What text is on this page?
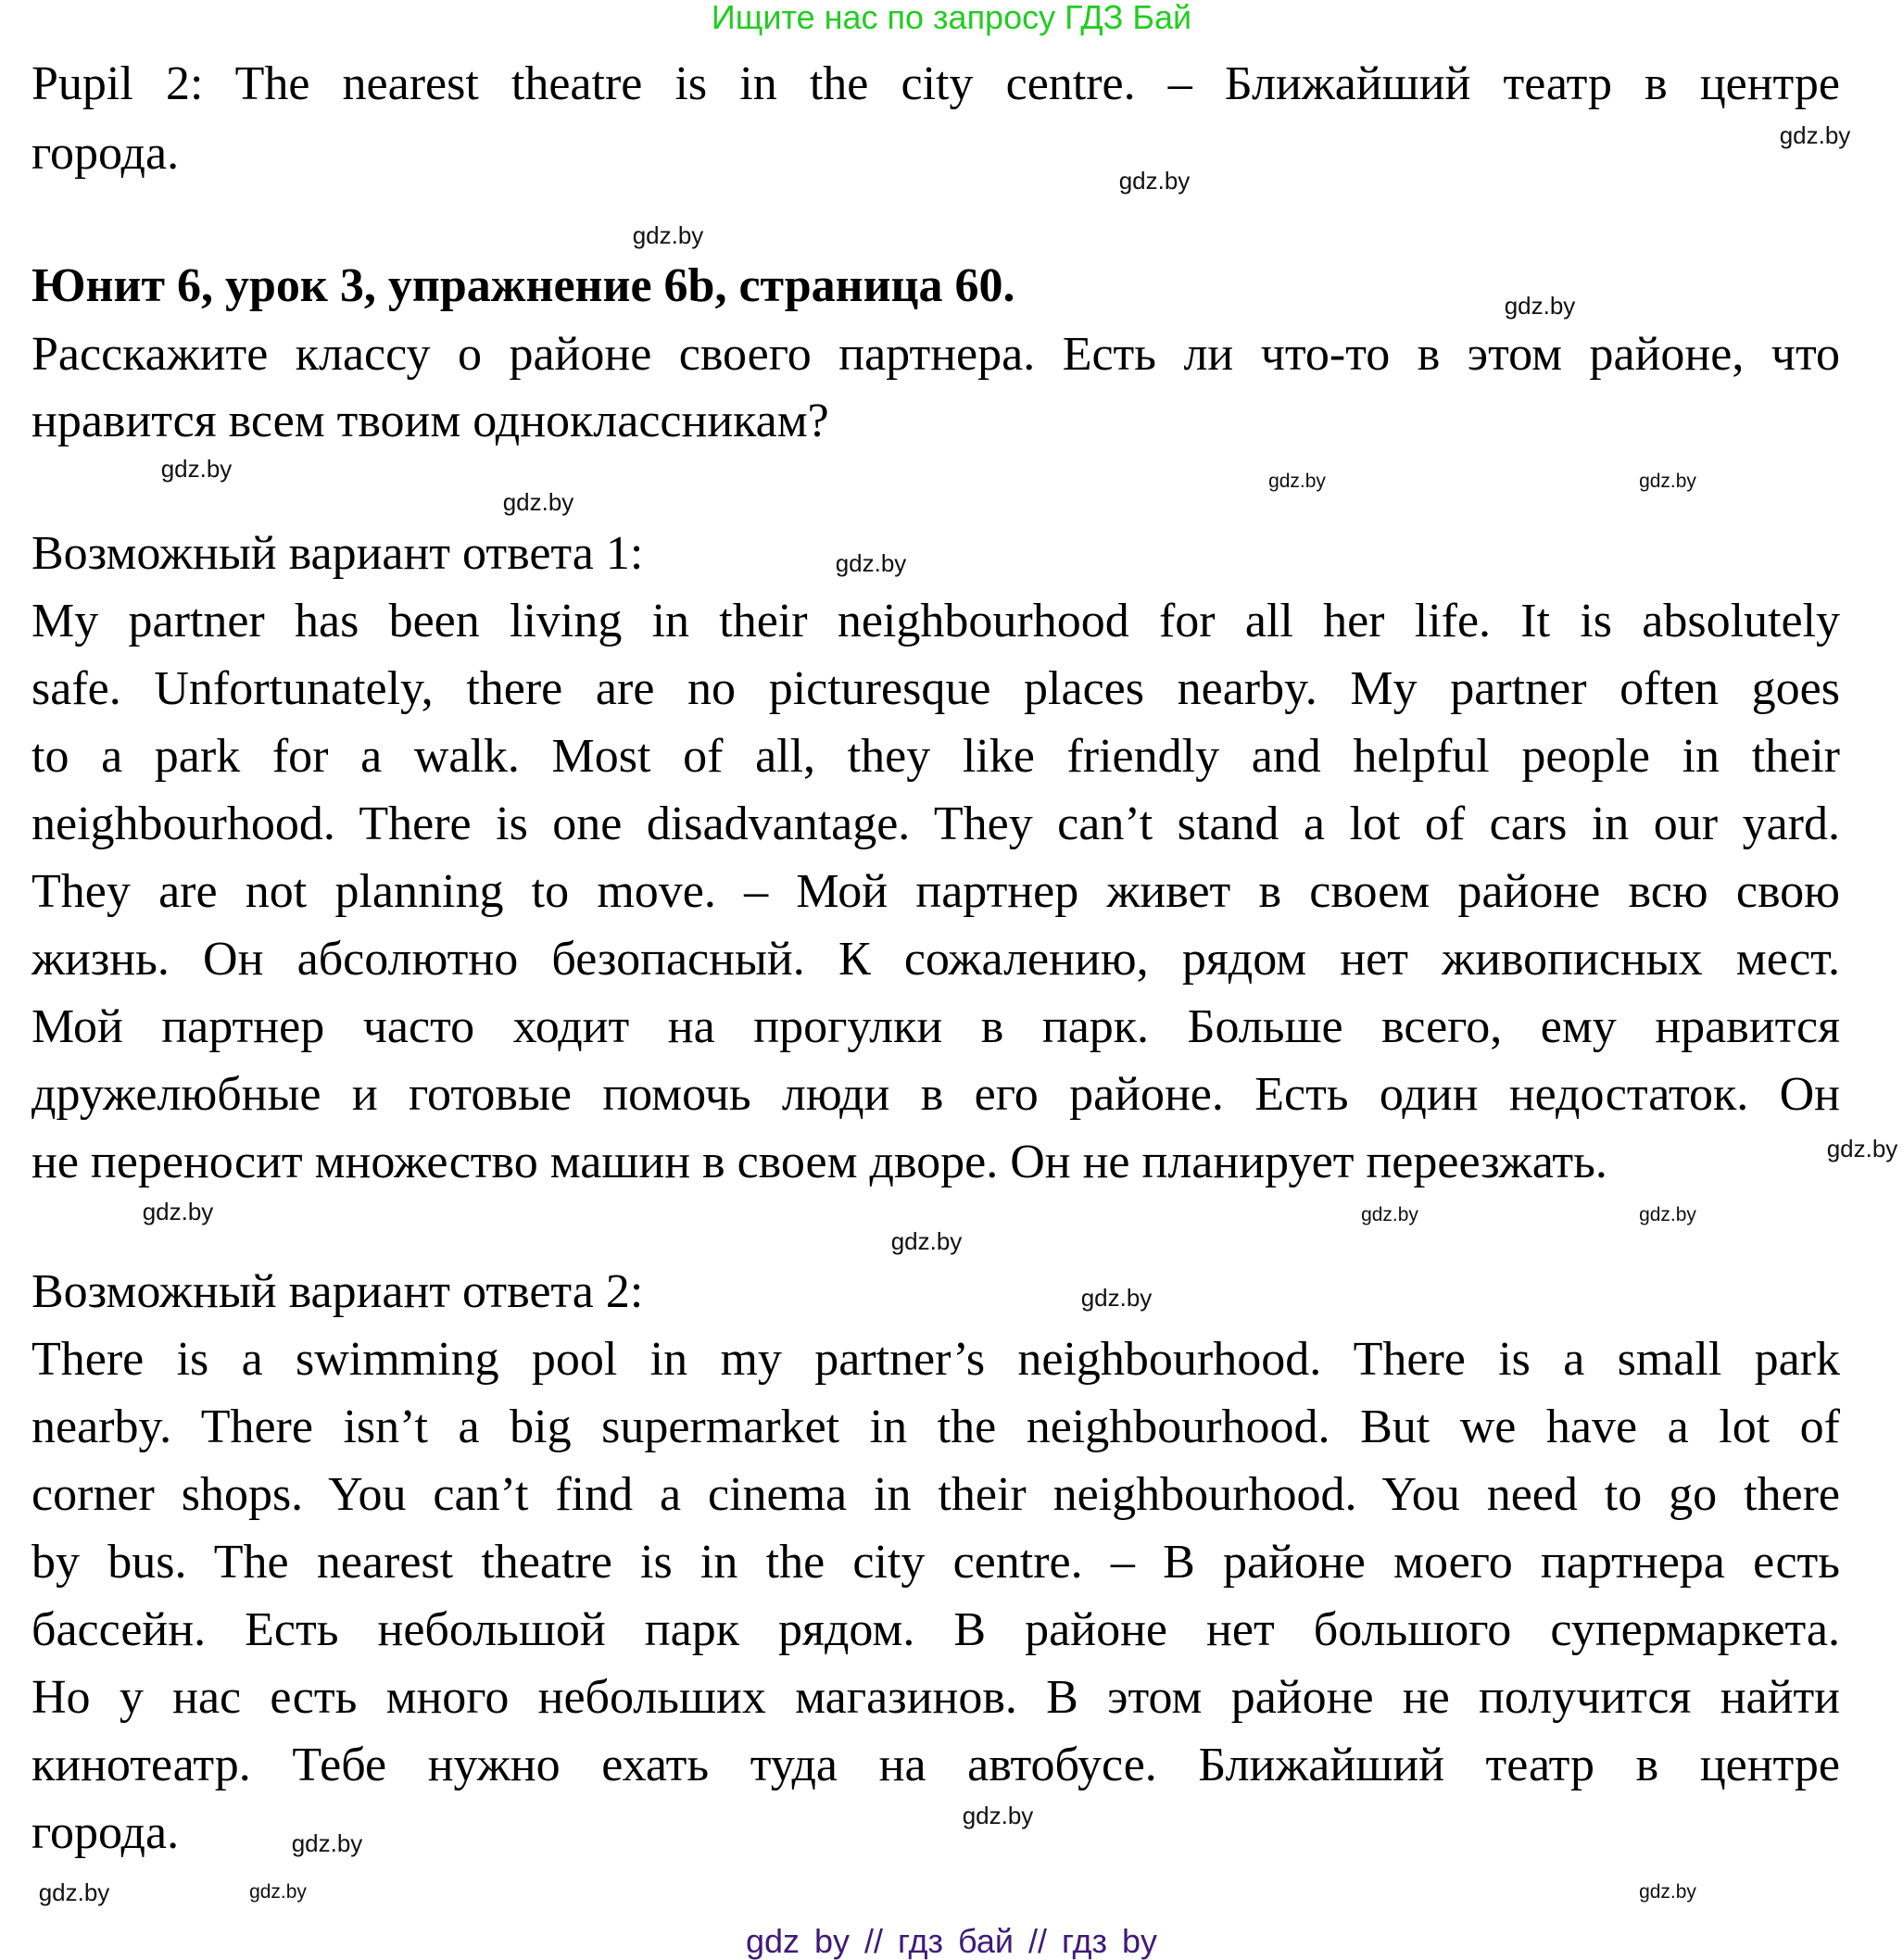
Ищите нас по запросу ГДЗ Бай
Pupil 2: The nearest theatre is in the city centre. – Ближайший театр в центре
города.
Юнит 6, урок 3, упражнение 6b, страница 60.
Расскажите классу о районе своего партнера. Есть ли что-то в этом районе, что
нравится всем твоим одноклассникам?
Возможный вариант ответа 1:
My partner has been living in their neighbourhood for all her life. It is absolutely
safe. Unfortunately, there are no picturesque places nearby. My partner often goes
to a park for a walk. Most of all, they like friendly and helpful people in their
neighbourhood. There is one disadvantage. They can’t stand a lot of cars in our yard.
They are not planning to move. – Мой партнер живет в своем районе всю свою
жизнь. Он абсолютно безопасный. К сожалению, рядом нет живописных мест.
Мой партнер часто ходит на прогулки в парк. Больше всего, ему нравится
дружелюбные и готовые помочь люди в его районе. Есть один недостаток. Он
не переносит множество машин в своем дворе. Он не планирует переезжать.
Возможный вариант ответа 2:
There is a swimming pool in my partner’s neighbourhood. There is a small park
nearby. There isn’t a big supermarket in the neighbourhood. But we have a lot of
corner shops. You can’t find a cinema in their neighbourhood. You need to go there
by bus. The nearest theatre is in the city centre. – В районе моего партнера есть
бассейн. Есть небольшой парк рядом. В районе нет большого супермаркета.
Но у нас есть много небольших магазинов. В этом районе не получится найти
кинотеатр. Тебе нужно ехать туда на автобусе. Ближайший театр в центре
города.
gdz.by
gdz.by
gdz.by
gdz.by
gdz.by
gdz.by
gdz.by
gdz.by	gdz.by
gdz.by	gdz.by
gdz.by
gdz.by
gdz.by
gdz.by
gdz.by	gdz.by
gdz.by
gdz.by
gdz.by
gdz by // гдз бай // гдз by
